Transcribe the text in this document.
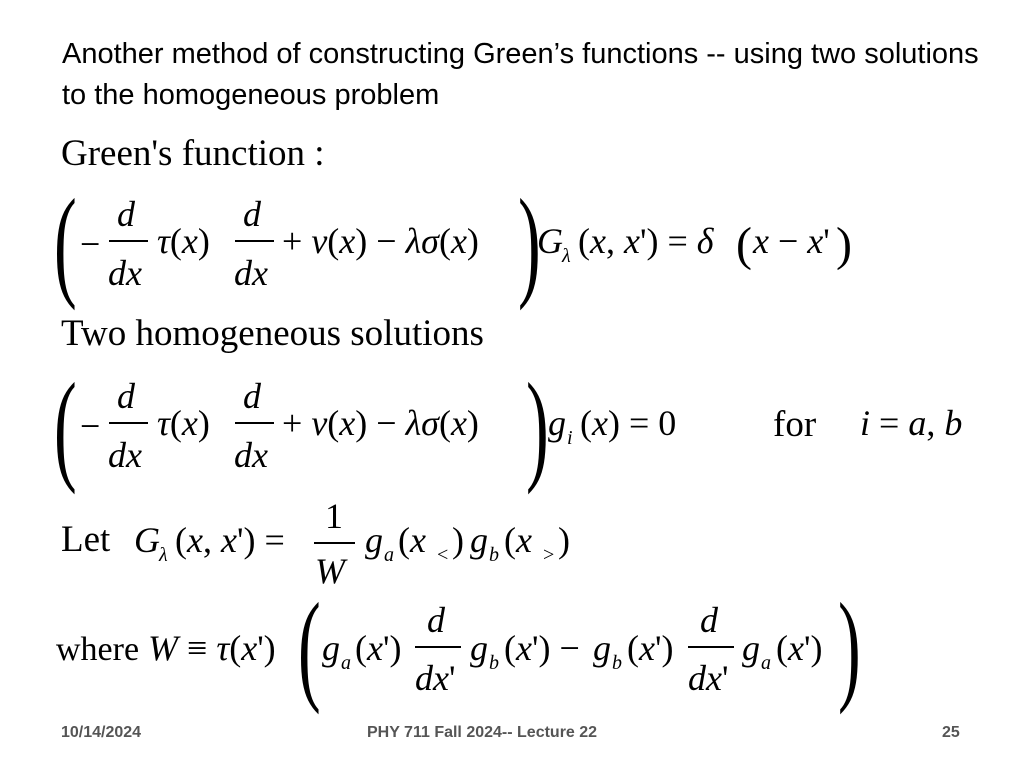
Another method of constructing Green’s functions -- using two solutions to the homogeneous problem
Green's function :
Two homogeneous solutions
Let
where
for
( −
d
dx
τ(x)
d
dx
+ v(x) − λσ(x) )
G λ (x, x') = δ ( x − x' )
( −
d
dx
τ(x)
d
dx
+ v(x) − λσ(x) ) g i (x) = 0	i = a, b
G λ (x, x') =
1
W
g a (x < ) g b (x > )
W ≡ τ(x') ( g a (x')
d
dx'
g b (x') − g b (x')
d
dx'
g a (x') )
10/14/2024	PHY 711 Fall 2024-- Lecture 22	25
